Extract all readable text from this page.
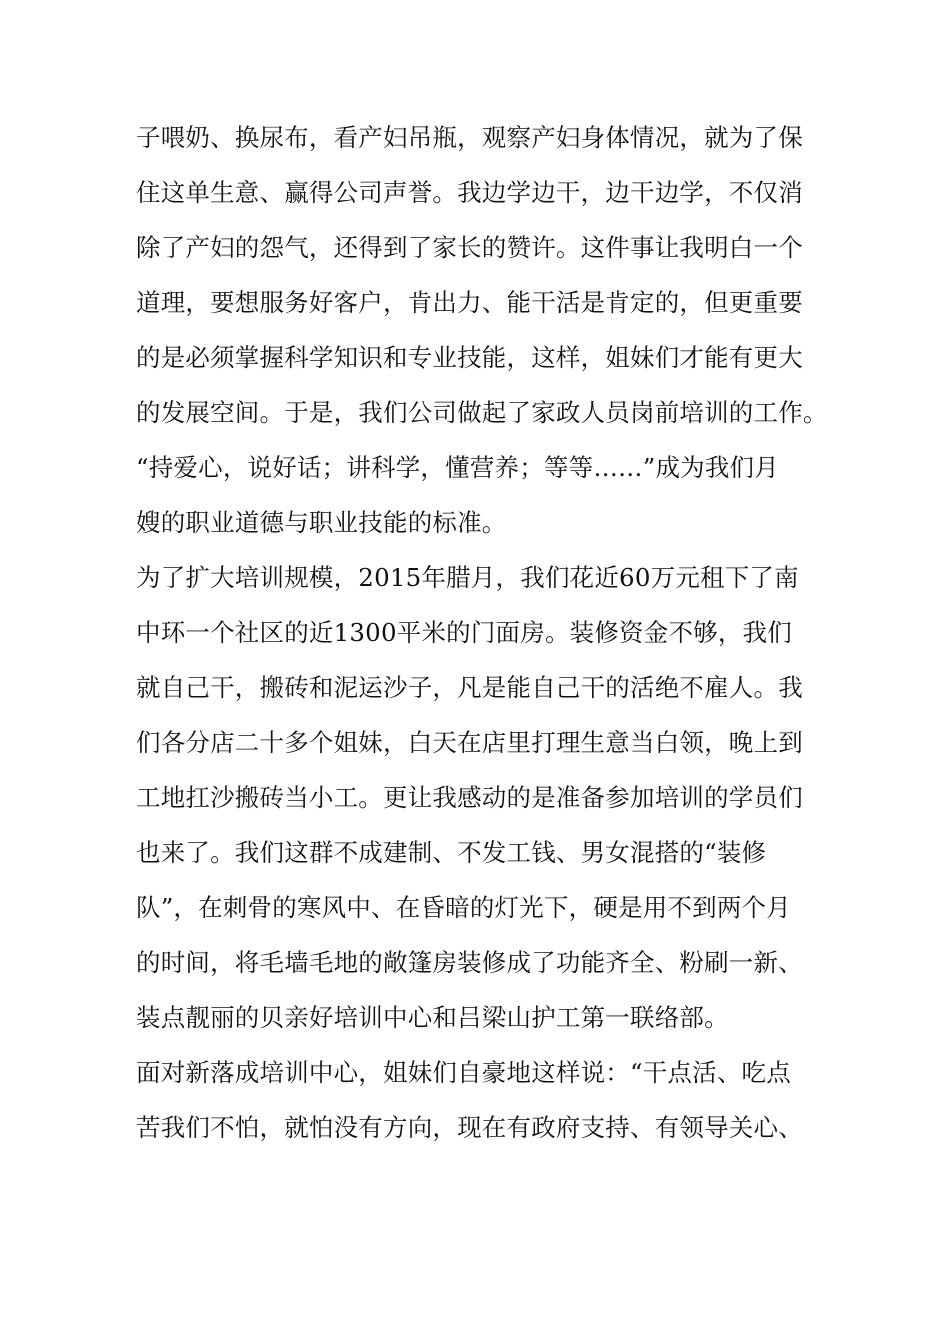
子喂奶、换尿布，看产妇吊瓶，观察产妇身体情况，就为了保
住这单生意、赢得公司声誉。我边学边干，边干边学，不仅消
除了产妇的怨气，还得到了家长的赞许。这件事让我明白一个
道理，要想服务好客户，肯出力、能干活是肯定的，但更重要
的是必须掌握科学知识和专业技能，这样，姐妹们才能有更大
的发展空间。于是，我们公司做起了家政人员岗前培训的工作。
“持爱心，说好话；讲科学，懂营养；等等……”成为我们月
嫂的职业道德与职业技能的标准。
为了扩大培训规模，2015年腊月，我们花近60万元租下了南
中环一个社区的近1300平米的门面房。装修资金不够，我们
就自己干，搬砖和泥运沙子，凡是能自己干的活绝不雇人。我
们各分店二十多个姐妹，白天在店里打理生意当白领，晚上到
工地扛沙搬砖当小工。更让我感动的是准备参加培训的学员们
也来了。我们这群不成建制、不发工钱、男女混搭的“装修
队”，在刺骨的寒风中、在昏暗的灯光下，硬是用不到两个月
的时间，将毛墙毛地的敞篷房装修成了功能齐全、粉刷一新、
装点靓丽的贝亲好培训中心和吕梁山护工第一联络部。
面对新落成培训中心，姐妹们自豪地这样说：“干点活、吃点
苦我们不怕，就怕没有方向，现在有政府支持、有领导关心、
